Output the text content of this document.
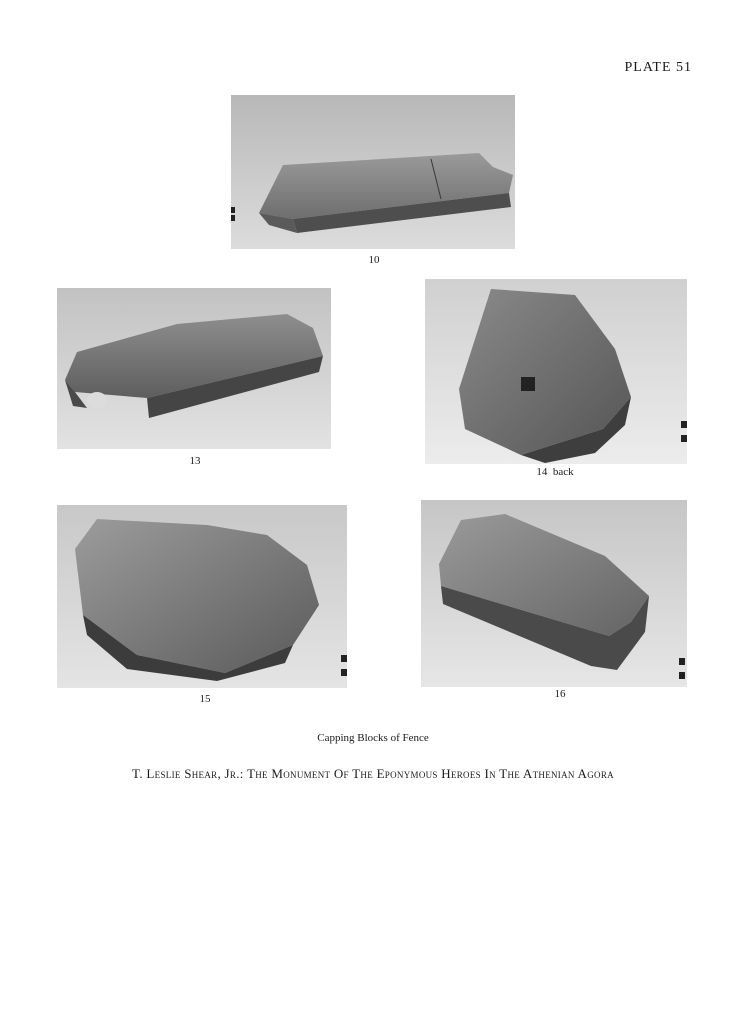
PLATE 51
10
13
14  back
15	16
Capping Blocks of Fence
T. Leslie Shear, Jr.: The Monument Of The Eponymous Heroes In The Athenian Agora
